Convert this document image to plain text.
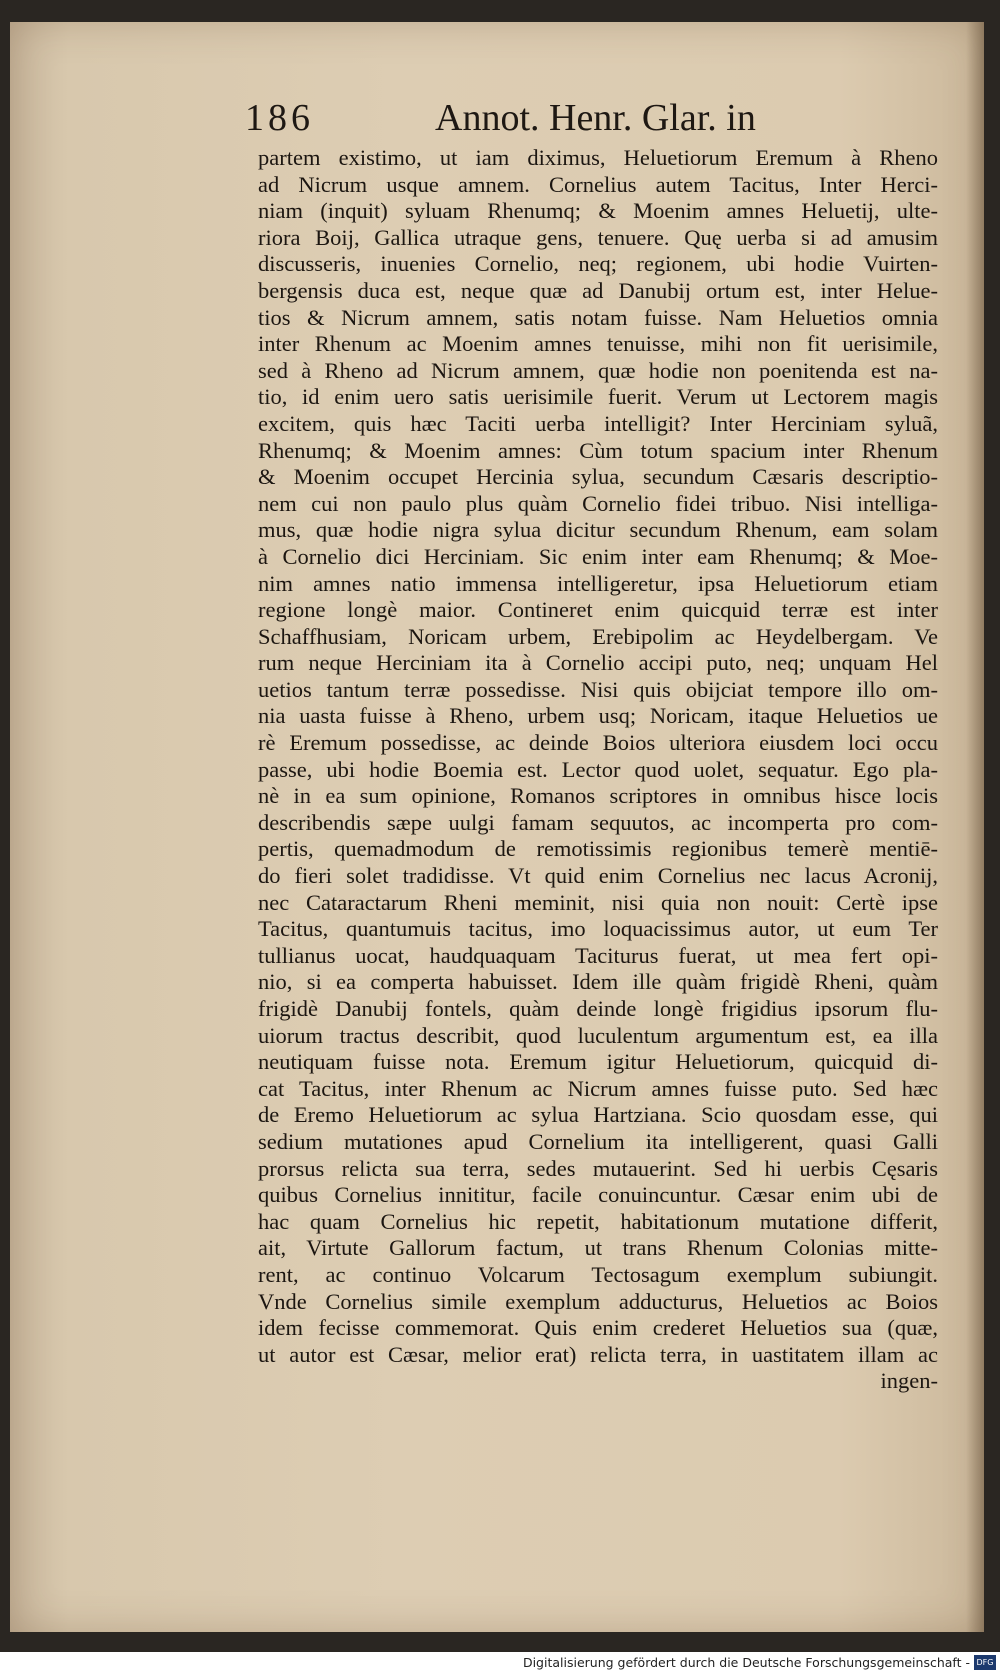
186	Annot. Henr. Glar. in
partem existimo, ut iam diximus, Heluetiorum Eremum à Rheno
ad Nicrum usque amnem. Cornelius autem Tacitus, Inter Herci-
niam (inquit) syluam Rhenumq; & Moenim amnes Heluetij, ulte-
riora Boij, Gallica utraque gens, tenuere. Quę uerba si ad amusim
discusseris, inuenies Cornelio, neq; regionem, ubi hodie Vuirten-
bergensis duca est, neque quæ ad Danubij ortum est, inter Helue-
tios & Nicrum amnem, satis notam fuisse. Nam Heluetios omnia
inter Rhenum ac Moenim amnes tenuisse, mihi non fit uerisimile,
sed à Rheno ad Nicrum amnem, quæ hodie non poenitenda est na-
tio, id enim uero satis uerisimile fuerit. Verum ut Lectorem magis
excitem, quis hæc Taciti uerba intelligit? Inter Herciniam syluã,
Rhenumq; & Moenim amnes: Cùm totum spacium inter Rhenum
& Moenim occupet Hercinia sylua, secundum Cæsaris descriptio-
nem cui non paulo plus quàm Cornelio fidei tribuo. Nisi intelliga-
mus, quæ hodie nigra sylua dicitur secundum Rhenum, eam solam
à Cornelio dici Herciniam. Sic enim inter eam Rhenumq; & Moe-
nim amnes natio immensa intelligeretur, ipsa Heluetiorum etiam
regione longè maior. Contineret enim quicquid terræ est inter
Schaffhusiam, Noricam urbem, Erebipolim ac Heydelbergam. Ve
rum neque Herciniam ita à Cornelio accipi puto, neq; unquam Hel
uetios tantum terræ possedisse. Nisi quis obijciat tempore illo om-
nia uasta fuisse à Rheno, urbem usq; Noricam, itaque Heluetios ue
rè Eremum possedisse, ac deinde Boios ulteriora eiusdem loci occu
passe, ubi hodie Boemia est. Lector quod uolet, sequatur. Ego pla-
nè in ea sum opinione, Romanos scriptores in omnibus hisce locis
describendis sæpe uulgi famam sequutos, ac incomperta pro com-
pertis, quemadmodum de remotissimis regionibus temerè mentiē-
do fieri solet tradidisse. Vt quid enim Cornelius nec lacus Acronij,
nec Cataractarum Rheni meminit, nisi quia non nouit: Certè ipse
Tacitus, quantumuis tacitus, imo loquacissimus autor, ut eum Ter
tullianus uocat, haudquaquam Taciturus fuerat, ut mea fert opi-
nio, si ea comperta habuisset. Idem ille quàm frigidè Rheni, quàm
frigidè Danubij fontels, quàm deinde longè frigidius ipsorum flu-
uiorum tractus describit, quod luculentum argumentum est, ea illa
neutiquam fuisse nota. Eremum igitur Heluetiorum, quicquid di-
cat Tacitus, inter Rhenum ac Nicrum amnes fuisse puto. Sed hæc
de Eremo Heluetiorum ac sylua Hartziana. Scio quosdam esse, qui
sedium mutationes apud Cornelium ita intelligerent, quasi Galli
prorsus relicta sua terra, sedes mutauerint. Sed hi uerbis Cęsaris
quibus Cornelius innititur, facile conuincuntur. Cæsar enim ubi de
hac quam Cornelius hic repetit, habitationum mutatione differit,
ait, Virtute Gallorum factum, ut trans Rhenum Colonias mitte-
rent, ac continuo Volcarum Tectosagum exemplum subiungit.
Vnde Cornelius simile exemplum adducturus, Heluetios ac Boios
idem fecisse commemorat. Quis enim crederet Heluetios sua (quæ,
ut autor est Cæsar, melior erat) relicta terra, in uastitatem illam ac
ingen-
Digitalisierung gefördert durch die Deutsche Forschungsgemeinschaft - DFG
